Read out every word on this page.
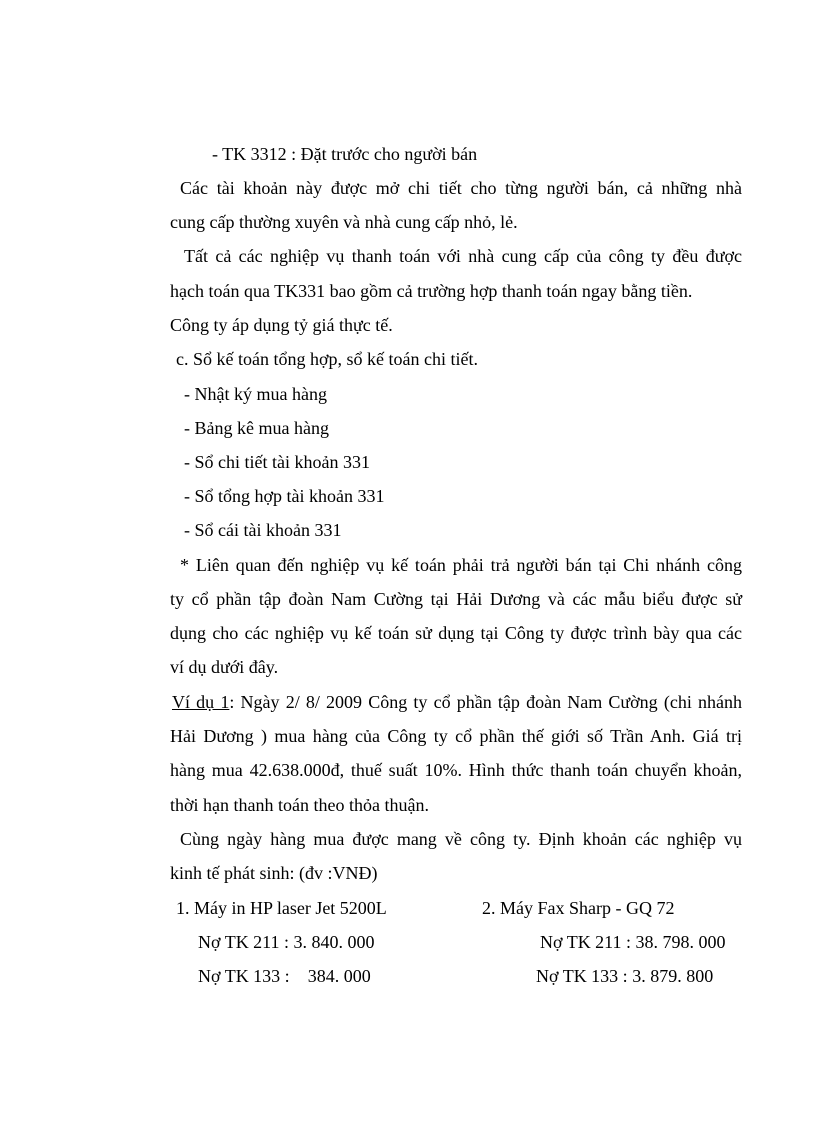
- TK 3312 : Đặt trước cho người bán
Các tài khoản này được mở chi tiết cho từng người bán, cả những nhà
cung cấp thường xuyên và nhà cung cấp nhỏ, lẻ.
Tất cả các nghiệp vụ thanh toán với nhà cung cấp của công ty đều được
hạch toán qua TK331 bao gồm cả trường hợp thanh toán ngay bằng tiền.
Công ty áp dụng tỷ giá thực tế.
c. Sổ kế toán tổng hợp, sổ kế toán chi tiết.
- Nhật ký mua hàng
- Bảng kê mua hàng
- Sổ chi tiết tài khoản 331
- Sổ tổng hợp tài khoản 331
- Sổ cái tài khoản 331
* Liên quan đến nghiệp vụ kế toán phải trả người bán tại Chi nhánh công
ty cổ phần tập đoàn Nam Cường tại Hải Dương và các mẫu biểu được sử
dụng cho các nghiệp vụ kế toán sử dụng tại Công ty được trình bày qua các
ví dụ dưới đây.
Ví dụ 1: Ngày 2/ 8/ 2009 Công ty cổ phần tập đoàn Nam Cường (chi nhánh
Hải Dương ) mua hàng của Công ty cổ phần thế giới số Trần Anh. Giá trị
hàng mua 42.638.000đ, thuế suất 10%. Hình thức thanh toán chuyển khoản,
thời hạn thanh toán theo thỏa thuận.
Cùng ngày hàng mua được mang về công ty. Định khoản các nghiệp vụ
kinh tế phát sinh: (đv :VNĐ)
1. Máy in HP laser Jet 5200L	2. Máy Fax Sharp - GQ 72
Nợ TK 211 : 3. 840. 000	Nợ TK 211 : 38. 798. 000
Nợ TK 133 :    384. 000	Nợ TK 133 : 3. 879. 800
